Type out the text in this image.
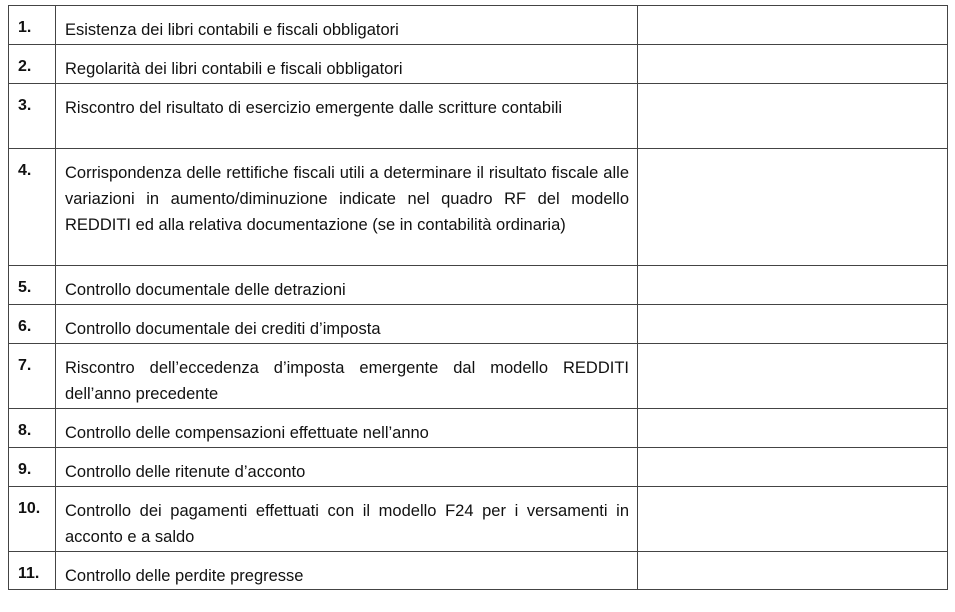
1.	Esistenza dei libri contabili e fiscali obbligatori	
2.	Regolarità dei libri contabili e fiscali obbligatori	
3.	Riscontro del risultato di esercizio emergente dalle scritture contabili	
4.	Corrispondenza delle rettifiche fiscali utili a determinare il risultato fiscale alle variazioni in aumento/diminuzione indicate nel quadro RF del modello REDDITI ed alla relativa documentazione (se in contabilità ordinaria)	
5.	Controllo documentale delle detrazioni	
6.	Controllo documentale dei crediti d’imposta	
7.	Riscontro dell’eccedenza d’imposta emergente dal modello REDDITI dell’anno precedente	
8.	Controllo delle compensazioni effettuate nell’anno	
9.	Controllo delle ritenute d’acconto	
10.	Controllo dei pagamenti effettuati con il modello F24 per i versamenti in acconto e a saldo	
11.	Controllo delle perdite pregresse	
